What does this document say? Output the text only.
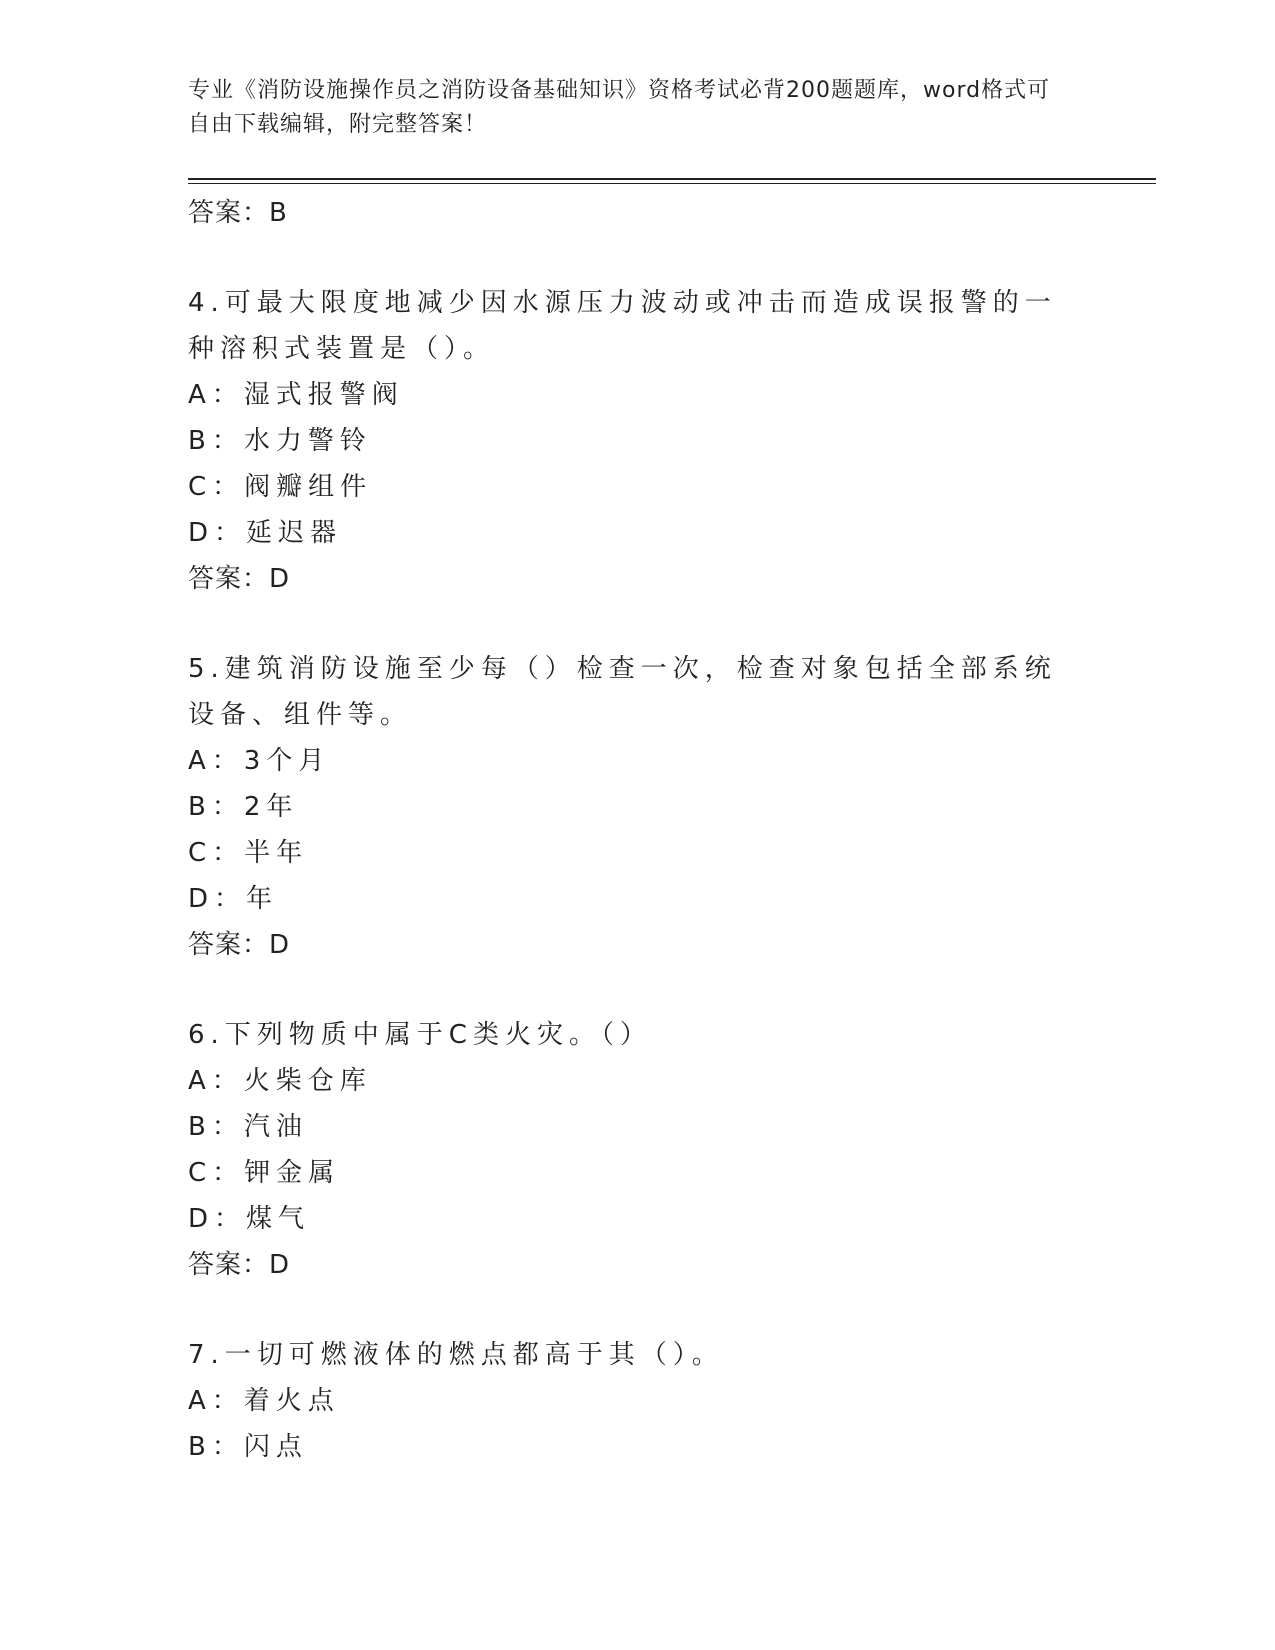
专业《消防设施操作员之消防设备基础知识》资格考试必背200题题库，word格式可自由下载编辑，附完整答案！

答案：B

4.可最大限度地减少因水源压力波动或冲击而造成误报警的一种溶积式装置是（）。

A：湿式报警阀

B：水力警铃

C：阀瓣组件

D：延迟器

答案：D

5.建筑消防设施至少每（）检查一次，检查对象包括全部系统设备、组件等。

A：3个月

B：2年

C：半年

D：年

答案：D

6.下列物质中属于C类火灾。（）

A：火柴仓库

B：汽油

C：钾金属

D：煤气

答案：D

7.一切可燃液体的燃点都高于其（）。

A：着火点

B：闪点
